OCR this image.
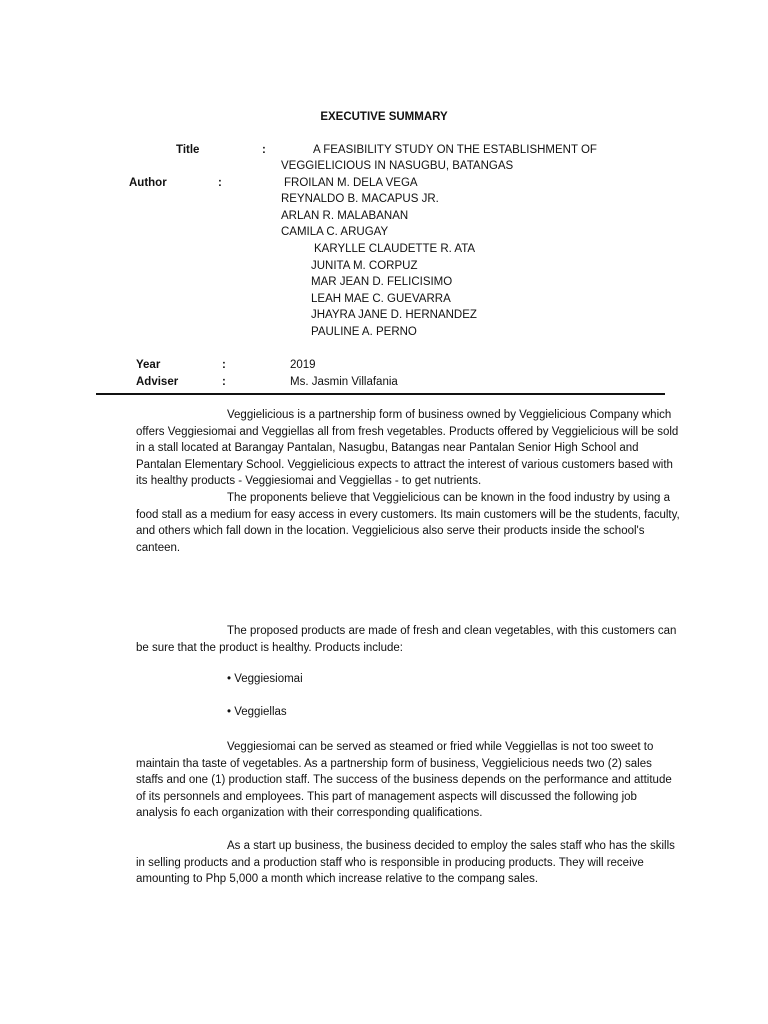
EXECUTIVE SUMMARY
Title	:	A FEASIBILITY STUDY ON THE ESTABLISHMENT OF
VEGGIELICIOUS IN NASUGBU, BATANGAS
Author	:	FROILAN M. DELA VEGA
REYNALDO B. MACAPUS JR.
ARLAN R. MALABANAN
CAMILA C. ARUGAY
KARYLLE CLAUDETTE R. ATA
JUNITA M. CORPUZ
MAR JEAN D. FELICISIMO
LEAH MAE C. GUEVARRA
JHAYRA JANE D. HERNANDEZ
PAULINE A. PERNO
Year	:	2019
Adviser	:	Ms. Jasmin Villafania
Veggielicious is a partnership form of business owned by Veggielicious Company which offers Veggiesiomai and Veggiellas all from fresh vegetables. Products offered by Veggielicious will be sold in a stall located at Barangay Pantalan, Nasugbu, Batangas near Pantalan Senior High School and Pantalan Elementary School. Veggielicious expects to attract the interest of various customers based with its healthy products - Veggiesiomai and Veggiellas - to get nutrients.
The proponents believe that Veggielicious can be known in the food industry by using a food stall as a medium for easy access in every customers. Its main customers will be the students, faculty, and others which fall down in the location. Veggielicious also serve their products inside the school's canteen.
The proposed products are made of fresh and clean vegetables, with this customers can be sure that the product is healthy. Products include:
• Veggiesiomai
• Veggiellas
Veggiesiomai can be served as steamed or fried while Veggiellas is not too sweet to maintain tha taste of vegetables. As a partnership form of business, Veggielicious needs two (2) sales staffs and one (1) production staff. The success of the business depends on the performance and attitude of its personnels and employees. This part of management aspects will discussed the following job analysis fo each organization with their corresponding qualifications.
As a start up business, the business decided to employ the sales staff who has the skills in selling products and a production staff who is responsible in producing products. They will receive amounting to Php 5,000 a month which increase relative to the compang sales.
